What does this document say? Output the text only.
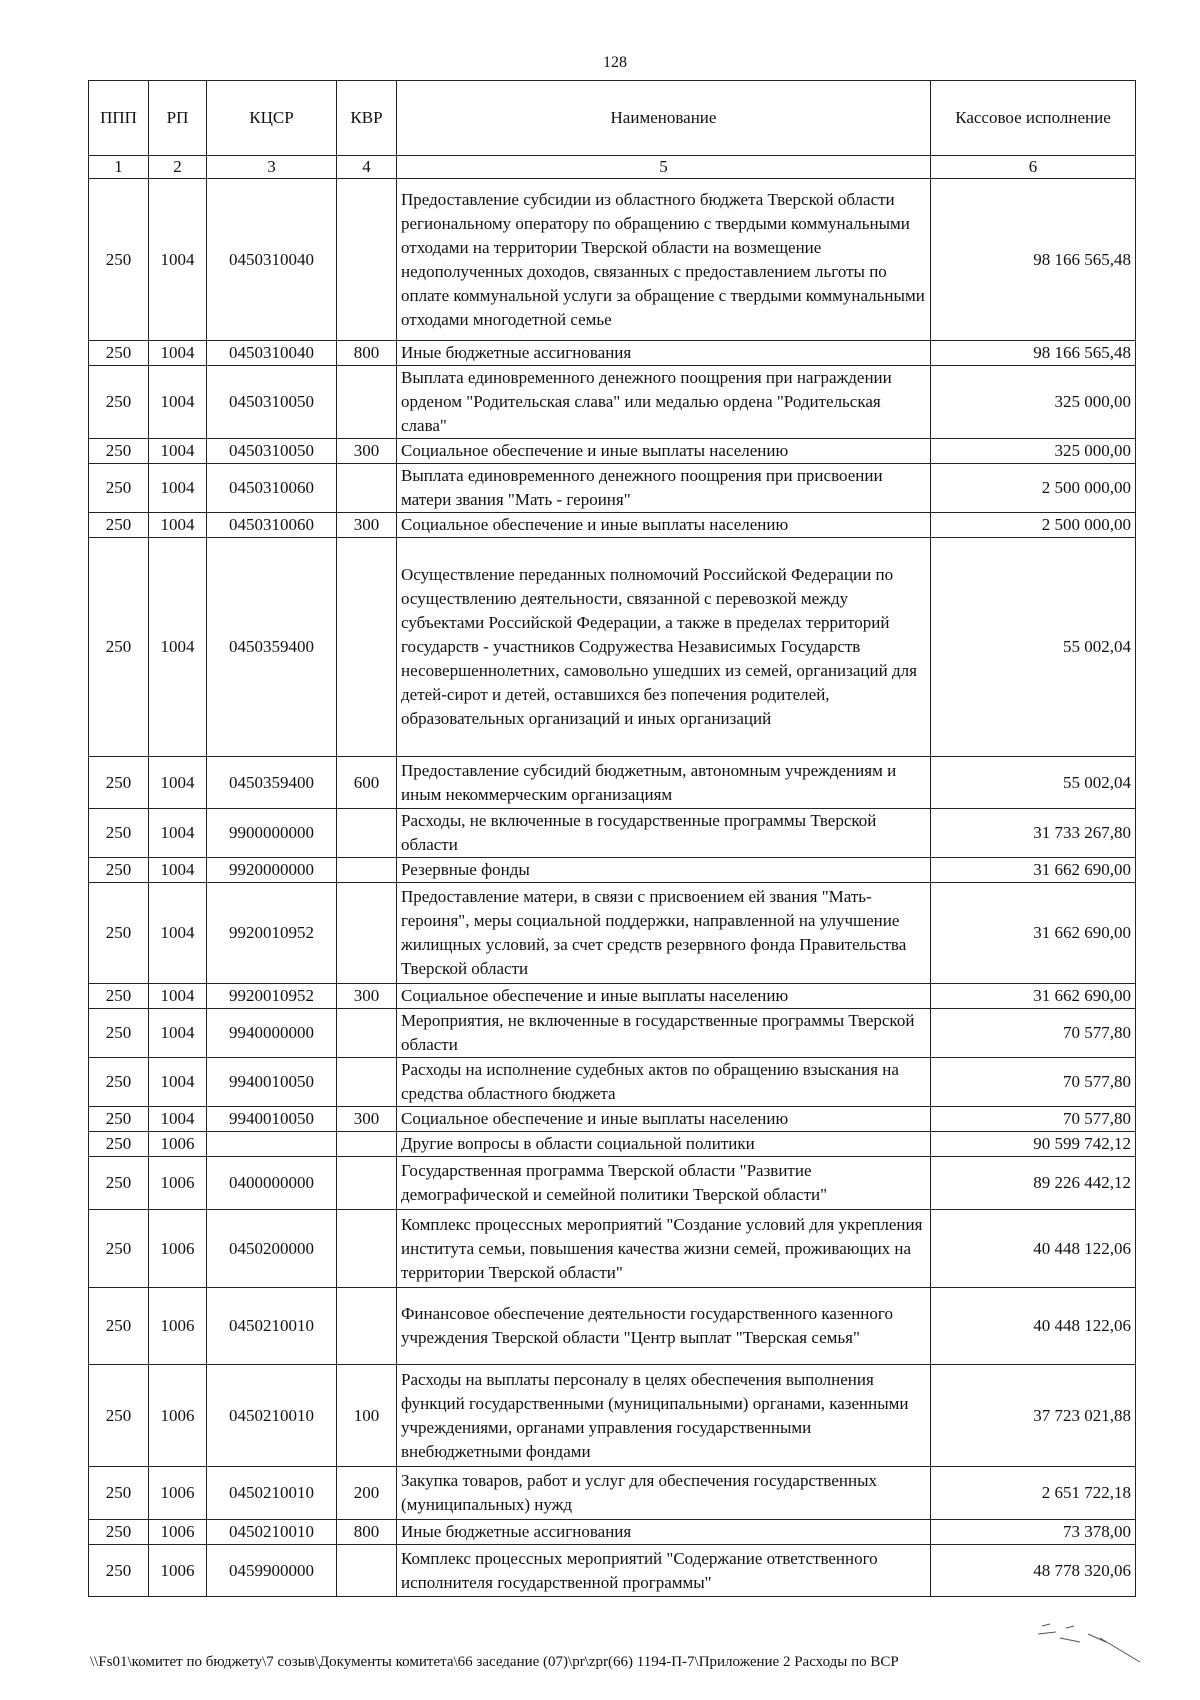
128
ППП	РП	КЦСР	КВР	Наименование	Кассовое исполнение
1	2	3	4	5	6
250	1004	0450310040		Предоставление субсидии из областного бюджета Тверской области региональному оператору по обращению с твердыми коммунальными отходами на территории Тверской области на возмещение недополученных доходов, связанных с предоставлением льготы по оплате коммунальной услуги за обращение с твердыми коммунальными отходами многодетной семье	98 166 565,48
250	1004	0450310040	800	Иные бюджетные ассигнования	98 166 565,48
250	1004	0450310050		Выплата единовременного денежного поощрения при награждении орденом "Родительская слава" или медалью ордена "Родительская слава"	325 000,00
250	1004	0450310050	300	Социальное обеспечение и иные выплаты населению	325 000,00
250	1004	0450310060		Выплата единовременного денежного поощрения при присвоении матери звания "Мать - героиня"	2 500 000,00
250	1004	0450310060	300	Социальное обеспечение и иные выплаты населению	2 500 000,00
250	1004	0450359400		Осуществление переданных полномочий Российской Федерации по осуществлению деятельности, связанной с перевозкой между субъектами Российской Федерации, а также в пределах территорий государств - участников Содружества Независимых Государств несовершеннолетних, самовольно ушедших из семей, организаций для детей-сирот и детей, оставшихся без попечения родителей, образовательных организаций и иных организаций	55 002,04
250	1004	0450359400	600	Предоставление субсидий бюджетным, автономным учреждениям и иным некоммерческим организациям	55 002,04
250	1004	9900000000		Расходы, не включенные в государственные программы Тверской области	31 733 267,80
250	1004	9920000000		Резервные фонды	31 662 690,00
250	1004	9920010952		Предоставление матери, в связи с присвоением ей звания "Мать-героиня", меры социальной поддержки, направленной на улучшение жилищных условий, за счет средств резервного фонда Правительства Тверской области	31 662 690,00
250	1004	9920010952	300	Социальное обеспечение и иные выплаты населению	31 662 690,00
250	1004	9940000000		Мероприятия, не включенные в государственные программы Тверской области	70 577,80
250	1004	9940010050		Расходы на исполнение судебных актов по обращению взыскания на средства областного бюджета	70 577,80
250	1004	9940010050	300	Социальное обеспечение и иные выплаты населению	70 577,80
250	1006			Другие вопросы в области социальной политики	90 599 742,12
250	1006	0400000000		Государственная программа Тверской области "Развитие демографической и семейной политики Тверской области"	89 226 442,12
250	1006	0450200000		Комплекс процессных мероприятий "Создание условий для укрепления института семьи, повышения качества жизни семей, проживающих на территории Тверской области"	40 448 122,06
250	1006	0450210010		Финансовое обеспечение деятельности государственного казенного учреждения Тверской области "Центр выплат "Тверская семья"	40 448 122,06
250	1006	0450210010	100	Расходы на выплаты персоналу в целях обеспечения выполнения функций государственными (муниципальными) органами, казенными учреждениями, органами управления государственными внебюджетными фондами	37 723 021,88
250	1006	0450210010	200	Закупка товаров, работ и услуг для обеспечения государственных (муниципальных) нужд	2 651 722,18
250	1006	0450210010	800	Иные бюджетные ассигнования	73 378,00
250	1006	0459900000		Комплекс процессных мероприятий "Содержание ответственного исполнителя государственной программы"	48 778 320,06
\\Fs01\комитет по бюджету\7 созыв\Документы комитета\66 заседание (07)\pr\zpr(66) 1194-П-7\Приложение 2 Расходы по ВСР
